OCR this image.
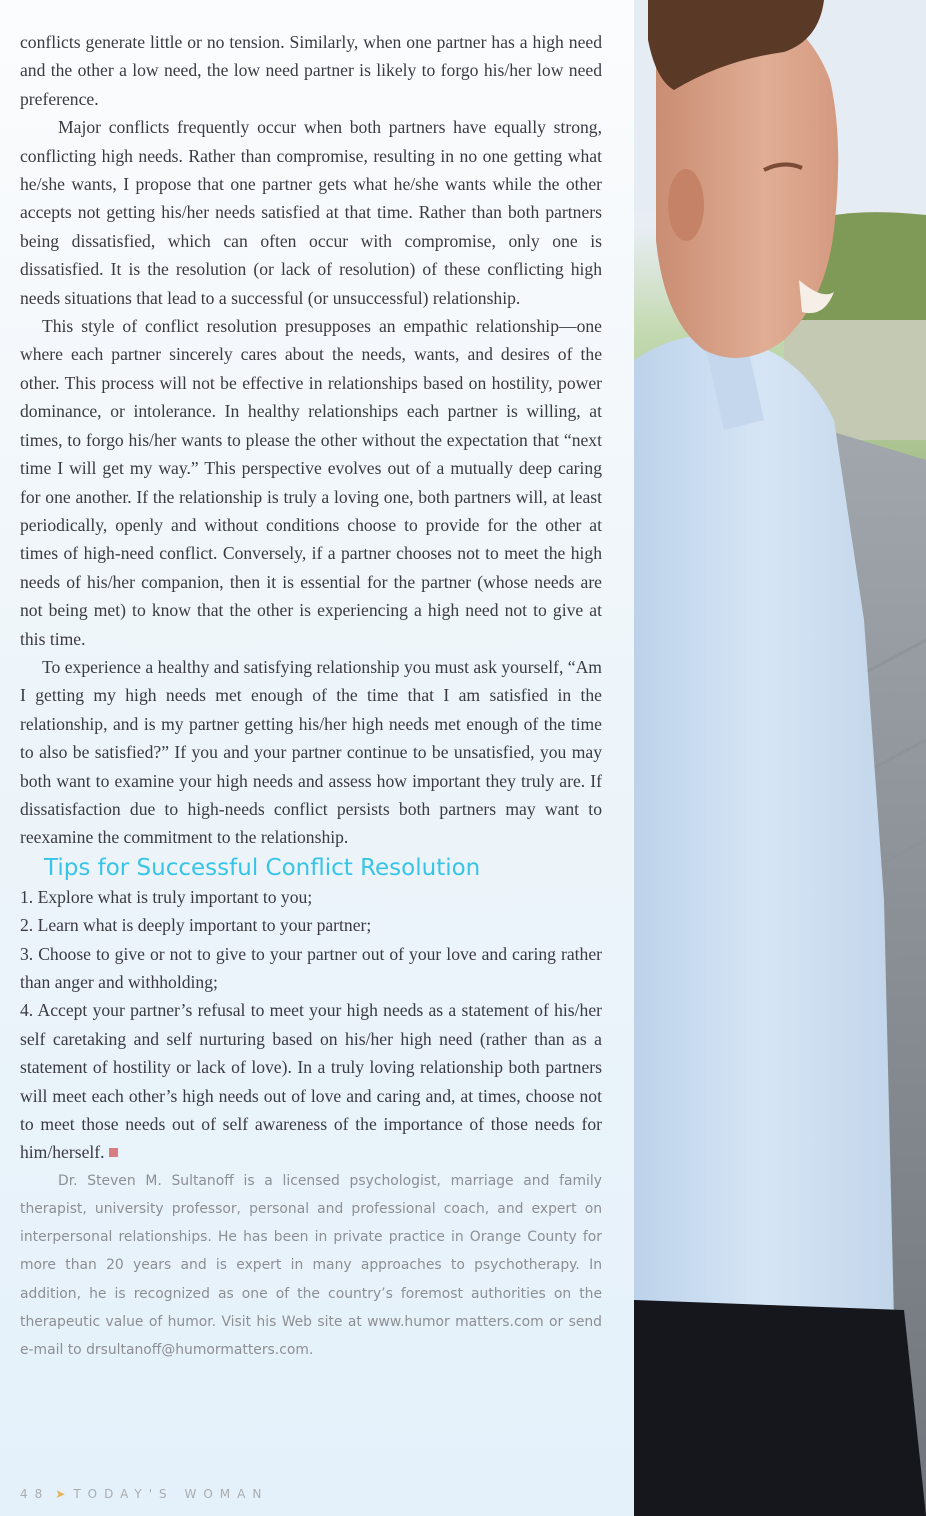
conflicts generate little or no tension. Similarly, when one partner has a high need and the other a low need, the low need partner is likely to forgo his/her low need preference.

Major conflicts frequently occur when both partners have equally strong, conflicting high needs. Rather than compromise, resulting in no one getting what he/she wants, I propose that one partner gets what he/she wants while the other accepts not getting his/her needs satisfied at that time. Rather than both partners being dissatisfied, which can often occur with compromise, only one is dissatisfied. It is the resolution (or lack of resolution) of these conflicting high needs situations that lead to a successful (or unsuccessful) relationship.

This style of conflict resolution presupposes an empathic relationship—one where each partner sincerely cares about the needs, wants, and desires of the other. This process will not be effective in relationships based on hostility, power dominance, or intolerance. In healthy relationships each partner is willing, at times, to forgo his/her wants to please the other without the expectation that “next time I will get my way.” This perspective evolves out of a mutually deep caring for one another. If the relationship is truly a loving one, both partners will, at least periodically, openly and without conditions choose to provide for the other at times of high-need conflict. Conversely, if a partner chooses not to meet the high needs of his/her companion, then it is essential for the partner (whose needs are not being met) to know that the other is experiencing a high need not to give at this time.

To experience a healthy and satisfying relationship you must ask yourself, “Am I getting my high needs met enough of the time that I am satisfied in the relationship, and is my partner getting his/her high needs met enough of the time to also be satisfied?” If you and your partner continue to be unsatisfied, you may both want to examine your high needs and assess how important they truly are. If dissatisfaction due to high-needs conflict persists both partners may want to reexamine the commitment to the relationship.

Tips for Successful Conflict Resolution
1. Explore what is truly important to you;
2. Learn what is deeply important to your partner;
3. Choose to give or not to give to your partner out of your love and caring rather than anger and withholding;
4. Accept your partner’s refusal to meet your high needs as a statement of his/her self caretaking and self nurturing based on his/her high need (rather than as a statement of hostility or lack of love). In a truly loving relationship both partners will meet each other’s high needs out of love and caring and, at times, choose not to meet those needs out of self awareness of the importance of those needs for him/herself.

Dr. Steven M. Sultanoff is a licensed psychologist, marriage and family therapist, university professor, personal and professional coach, and expert on interpersonal relationships. He has been in private practice in Orange County for more than 20 years and is expert in many approaches to psychotherapy. In addition, he is recognized as one of the country’s foremost authorities on the therapeutic value of humor. Visit his Web site at www.humor matters.com or send e-mail to drsultanoff@humormatters.com.

48 ➤ TODAY'S WOMAN
